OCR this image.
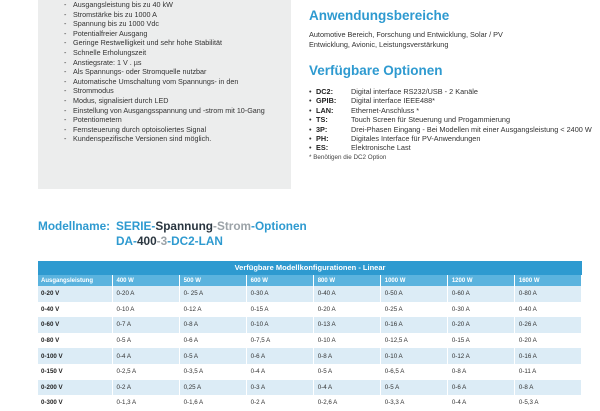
- Ausgangsleistung bis zu 40 kW
- Stromstärke bis zu 1000 A
- Spannung bis zu 1000 Vdc
- Potentialfreier Ausgang
- Geringe Restwelligkeit und sehr hohe Stabilität
- Schnelle Erholungszeit
- Anstiegsrate: 1 V . µs
- Als Spannungs- oder Stromquelle nutzbar
- Automatische Umschaltung vom Spannungs- in den
- Strommodus
- Modus, signalisiert durch LED
- Einstellung von Ausgangsspannung und -strom mit 10-Gang
- Potentiometern
- Fernsteuerung durch optoisoliertes Signal
- Kundenspezifische Versionen sind möglich.
Anwendungsbereiche

Automotive Bereich, Forschung und Entwicklung, Solar / PV Entwicklung, Avionic, Leistungsverstärkung

Verfügbare Optionen
• DC2:	Digital interface RS232/USB - 2 Kanäle
• GPIB:	Digital interface IEEE488*
• LAN:	Ethernet-Anschluss *
• TS:	Touch Screen für Steuerung und Progammierung
• 3P:	Drei-Phasen Eingang - Bei Modellen mit einer Ausgangsleistung < 2400 W
• PH:	Digitales Interface für PV-Anwendungen
• ES:	Elektronische Last

* Benötigen die DC2 Option

Modellname: SERIE-Spannung-Strom-Optionen
DA-400-3-DC2-LAN
Verfügbare Modellkonfigurationen - Linear
Ausgangsleistung	400 W	500 W	600 W	800 W	1000 W	1200 W	1600 W
0-20 V	0-20 A	0- 25 A	0-30 A	0-40 A	0-50 A	0-60 A	0-80 A
0-40 V	0-10 A	0-12 A	0-15 A	0-20 A	0-25 A	0-30 A	0-40 A
0-60 V	0-7 A	0-8 A	0-10 A	0-13 A	0-16 A	0-20 A	0-26 A
0-80 V	0-5 A	0-6 A	0-7,5 A	0-10 A	0-12,5 A	0-15 A	0-20 A
0-100 V	0-4 A	0-5 A	0-6 A	0-8 A	0-10 A	0-12 A	0-16 A
0-150 V	0-2,5 A	0-3,5 A	0-4 A	0-5 A	0-6,5 A	0-8 A	0-11 A
0-200 V	0-2 A	0,25 A	0-3 A	0-4 A	0-5 A	0-6 A	0-8 A
0-300 V	0-1,3 A	0-1,6 A	0-2 A	0-2,6 A	0-3,3 A	0-4 A	0-5,3 A
